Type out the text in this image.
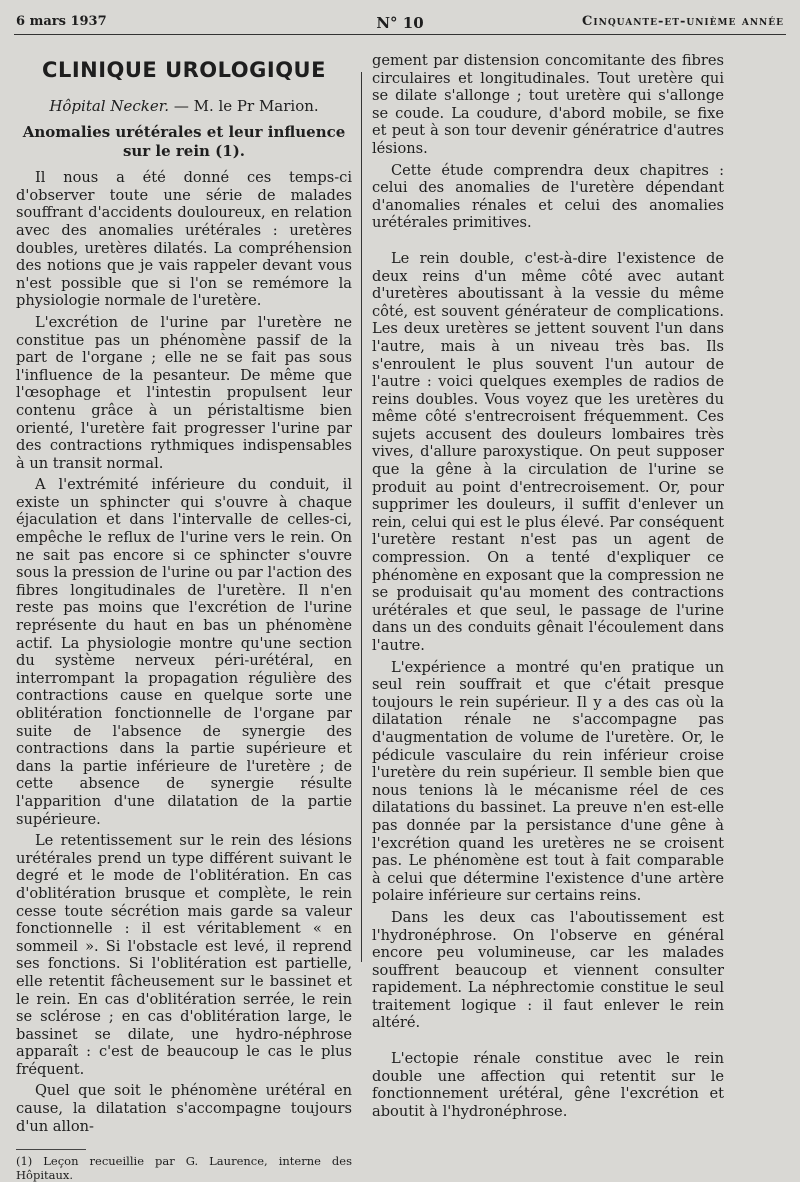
6 mars 1937	N° 10	Cinquante-et-unième année
CLINIQUE UROLOGIQUE
Hôpital Necker. — M. le Pr Marion.
Anomalies urétérales et leur influence sur le rein (1).

Il nous a été donné ces temps-ci d'observer toute une série de malades souffrant d'accidents douloureux, en relation avec des anomalies urétérales : uretères doubles, uretères dilatés. La compréhension des notions que je vais rappeler devant vous n'est possible que si l'on se remémore la physiologie normale de l'uretère.

L'excrétion de l'urine par l'uretère ne constitue pas un phénomène passif de la part de l'organe ; elle ne se fait pas sous l'influence de la pesanteur. De même que l'œsophage et l'intestin propulsent leur contenu grâce à un péristaltisme bien orienté, l'uretère fait progresser l'urine par des contractions rythmiques indispensables à un transit normal.

A l'extrémité inférieure du conduit, il existe un sphincter qui s'ouvre à chaque éjaculation et dans l'intervalle de celles-ci, empêche le reflux de l'urine vers le rein. On ne sait pas encore si ce sphincter s'ouvre sous la pression de l'urine ou par l'action des fibres longitudinales de l'uretère. Il n'en reste pas moins que l'excrétion de l'urine représente du haut en bas un phénomène actif. La physiologie montre qu'une section du système nerveux péri-urétéral, en interrompant la propagation régulière des contractions cause en quelque sorte une oblitération fonctionnelle de l'organe par suite de l'absence de synergie des contractions dans la partie supérieure et dans la partie inférieure de l'uretère ; de cette absence de synergie résulte l'apparition d'une dilatation de la partie supérieure.

Le retentissement sur le rein des lésions urétérales prend un type différent suivant le degré et le mode de l'oblitération. En cas d'oblitération brusque et complète, le rein cesse toute sécrétion mais garde sa valeur fonctionnelle : il est véritablement « en sommeil ». Si l'obstacle est levé, il reprend ses fonctions. Si l'oblitération est partielle, elle retentit fâcheusement sur le bassinet et le rein. En cas d'oblitération serrée, le rein se sclérose ; en cas d'oblitération large, le bassinet se dilate, une hydro-néphrose apparaît : c'est de beaucoup le cas le plus fréquent.

Quel que soit le phénomène urétéral en cause, la dilatation s'accompagne toujours d'un allon-

(1) Leçon recueillie par G. Laurence, interne des Hôpitaux.

gement par distension concomitante des fibres circulaires et longitudinales. Tout uretère qui se dilate s'allonge ; tout uretère qui s'allonge se coude. La coudure, d'abord mobile, se fixe et peut à son tour devenir génératrice d'autres lésions.

Cette étude comprendra deux chapitres : celui des anomalies de l'uretère dépendant d'anomalies rénales et celui des anomalies urétérales primitives.

Le rein double, c'est-à-dire l'existence de deux reins d'un même côté avec autant d'uretères aboutissant à la vessie du même côté, est souvent générateur de complications. Les deux uretères se jettent souvent l'un dans l'autre, mais à un niveau très bas. Ils s'enroulent le plus souvent l'un autour de l'autre : voici quelques exemples de radios de reins doubles. Vous voyez que les uretères du même côté s'entrecroisent fréquemment. Ces sujets accusent des douleurs lombaires très vives, d'allure paroxystique. On peut supposer que la gêne à la circulation de l'urine se produit au point d'entrecroisement. Or, pour supprimer les douleurs, il suffit d'enlever un rein, celui qui est le plus élevé. Par conséquent l'uretère restant n'est pas un agent de compression. On a tenté d'expliquer ce phénomène en exposant que la compression ne se produisait qu'au moment des contractions urétérales et que seul, le passage de l'urine dans un des conduits gênait l'écoulement dans l'autre.

L'expérience a montré qu'en pratique un seul rein souffrait et que c'était presque toujours le rein supérieur. Il y a des cas où la dilatation rénale ne s'accompagne pas d'augmentation de volume de l'uretère. Or, le pédicule vasculaire du rein inférieur croise l'uretère du rein supérieur. Il semble bien que nous tenions là le mécanisme réel de ces dilatations du bassinet. La preuve n'en est-elle pas donnée par la persistance d'une gêne à l'excrétion quand les uretères ne se croisent pas. Le phénomène est tout à fait comparable à celui que détermine l'existence d'une artère polaire inférieure sur certains reins.

Dans les deux cas l'aboutissement est l'hydronéphrose. On l'observe en général encore peu volumineuse, car les malades souffrent beaucoup et viennent consulter rapidement. La néphrectomie constitue le seul traitement logique : il faut enlever le rein altéré.

L'ectopie rénale constitue avec le rein double une affection qui retentit sur le fonctionnement urétéral, gêne l'excrétion et aboutit à l'hydronéphrose.
